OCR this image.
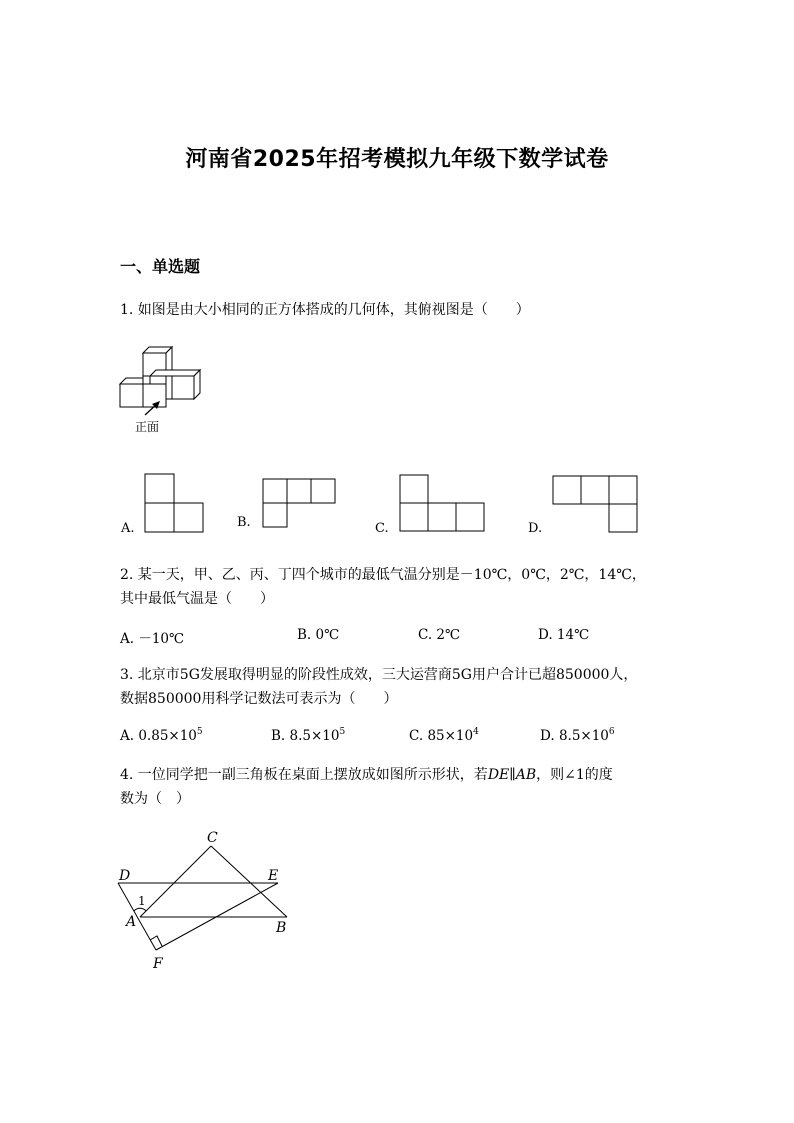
河南省2025年招考模拟九年级下数学试卷
一、单选题
1. 如图是由大小相同的正方体搭成的几何体，其俯视图是（　　）
正面
A.	B.	C.	D.
2. 某一天，甲、乙、丙、丁四个城市的最低气温分别是－10℃，0℃，2℃，14℃，
其中最低气温是（　　）
A. －10℃	B. 0℃	C. 2℃	D. 14℃
3. 北京市5G发展取得明显的阶段性成效，三大运营商5G用户合计已超850000人，
数据850000用科学记数法可表示为（　　）
A. $0.85\times 10^5$	B. $8.5\times 10^5$	C. $85\times 10^4$	D. $8.5\times 10^6$
4. 一位同学把一副三角板在桌面上摆放成如图所示形状，若DE∥AB，则∠1的度
数为（　）
C
D	E
A	B
F
1
